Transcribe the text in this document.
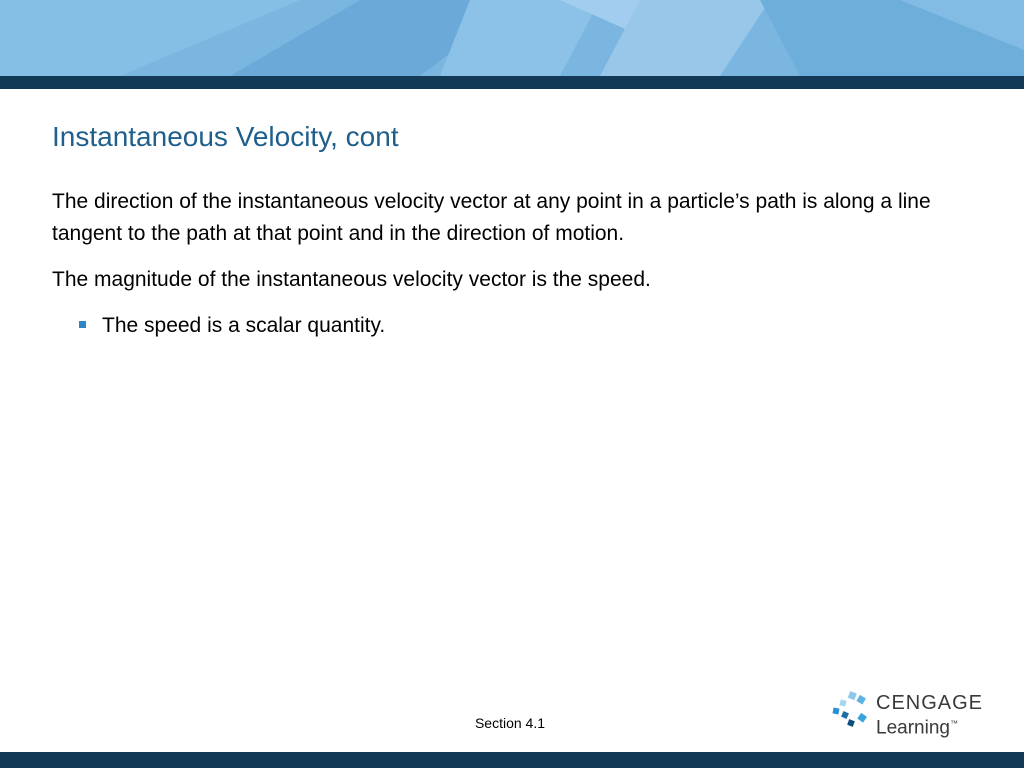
Instantaneous Velocity, cont

The direction of the instantaneous velocity vector at any point in a particle’s path is along a line tangent to the path at that point and in the direction of motion.

The magnitude of the instantaneous velocity vector is the speed.

The speed is a scalar quantity.
Section 4.1
CENGAGE
Learning™
